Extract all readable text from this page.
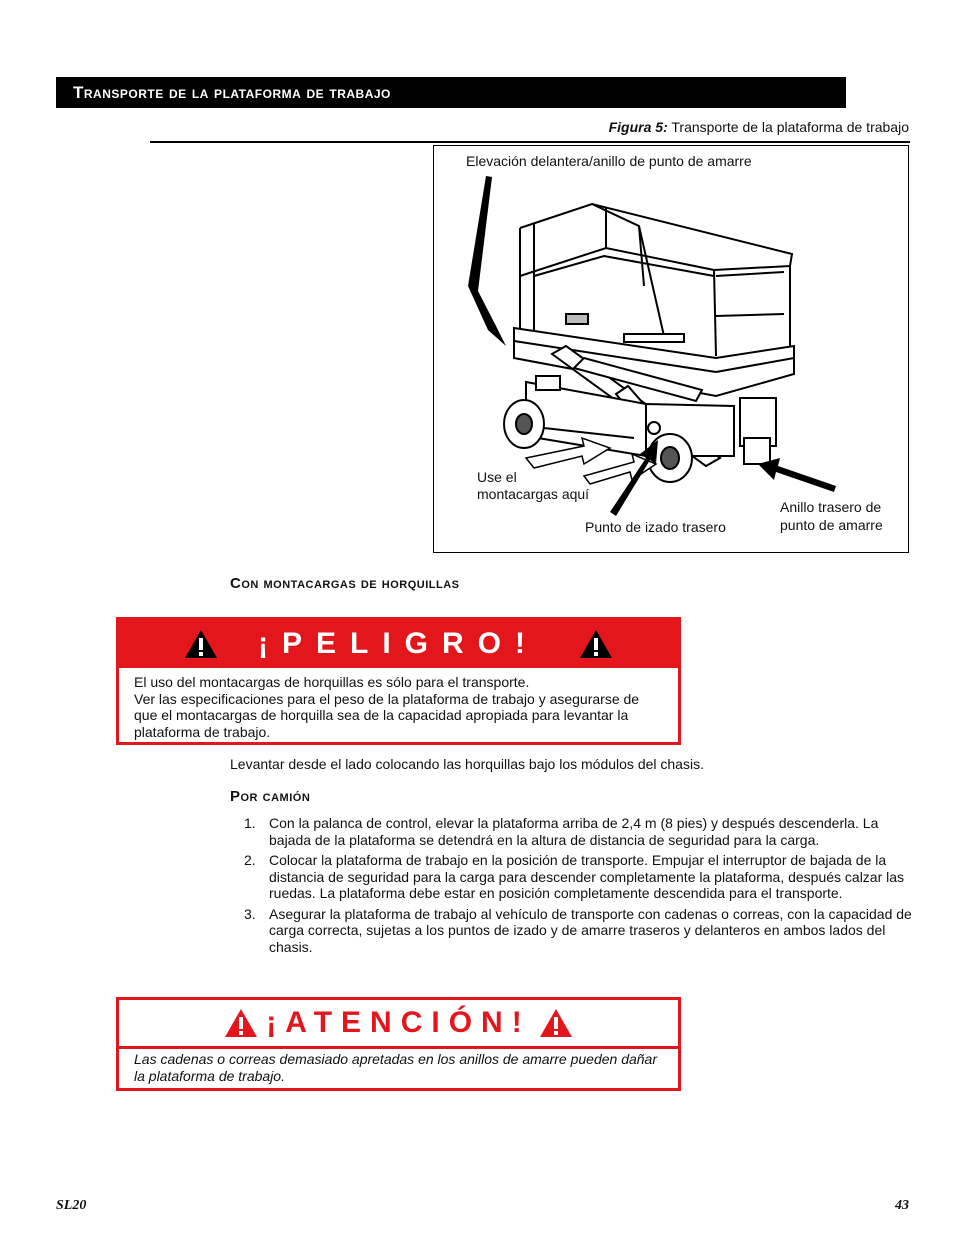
Transporte de la plataforma de trabajo
Figura 5: Transporte de la plataforma de trabajo
Elevación delantera/anillo de punto de amarre
Use el
montacargas aquí
Punto de izado trasero
Anillo trasero de
punto de amarre
Con montacargas de horquillas
¡PELIGRO!

El uso del montacargas de horquillas es sólo para el transporte.

Ver las especificaciones para el peso de la plataforma de trabajo y asegurarse de que el montacargas de horquilla sea de la capacidad apropiada para levantar la plataforma de trabajo.

Levantar desde el lado colocando las horquillas bajo los módulos del chasis.
Por camión
1. Con la palanca de control, elevar la plataforma arriba de 2,4 m (8 pies) y después descenderla. La bajada de la plataforma se detendrá en la altura de distancia de seguridad para la carga.
2. Colocar la plataforma de trabajo en la posición de transporte. Empujar el interruptor de bajada de la distancia de seguridad para la carga para descender completamente la plataforma, después calzar las ruedas. La plataforma debe estar en posición completamente descendida para el transporte.
3. Asegurar la plataforma de trabajo al vehículo de transporte con cadenas o correas, con la capacidad de carga correcta, sujetas a los puntos de izado y de amarre traseros y delanteros en ambos lados del chasis.
¡ATENCIÓN!
Las cadenas o correas demasiado apretadas en los anillos de amarre pueden dañar la plataforma de trabajo.
SL20	43
